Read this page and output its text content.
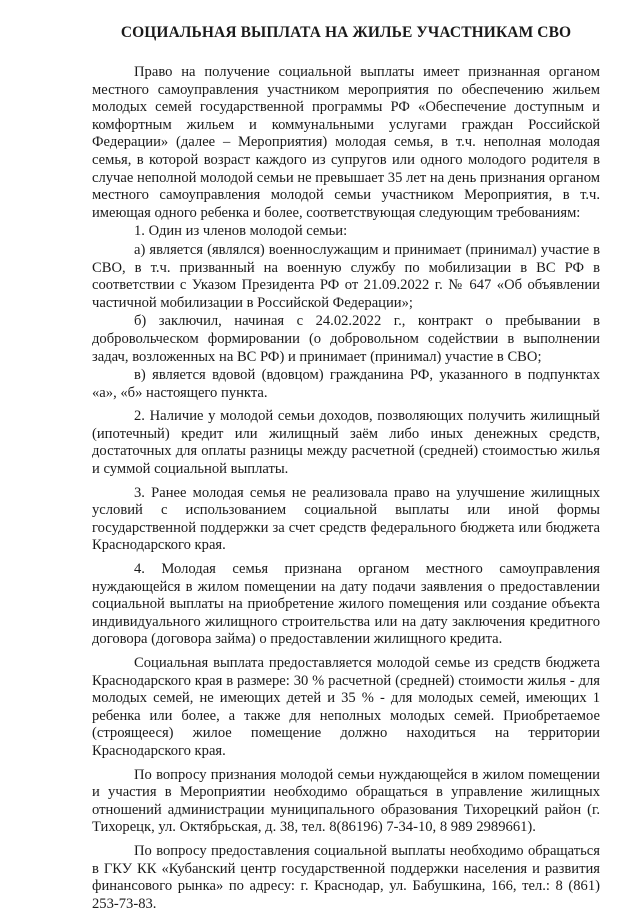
СОЦИАЛЬНАЯ ВЫПЛАТА НА ЖИЛЬЕ УЧАСТНИКАМ СВО

Право на получение социальной выплаты имеет признанная органом местного самоуправления участником мероприятия по обеспечению жильем молодых семей государственной программы РФ «Обеспечение доступным и комфортным жильем и коммунальными услугами граждан Российской Федерации» (далее – Мероприятия) молодая семья, в т.ч. неполная молодая семья, в которой возраст каждого из супругов или одного молодого родителя в случае неполной молодой семьи не превышает 35 лет на день признания органом местного самоуправления молодой семьи участником Мероприятия, в т.ч. имеющая одного ребенка и более, соответствующая следующим требованиям:

1. Один из членов молодой семьи:

а) является (являлся) военнослужащим и принимает (принимал) участие в СВО, в т.ч. призванный на военную службу по мобилизации в ВС РФ в соответствии с Указом Президента РФ от 21.09.2022 г. № 647 «Об объявлении частичной мобилизации в Российской Федерации»;

б) заключил, начиная с 24.02.2022 г., контракт о пребывании в добровольческом формировании (о добровольном содействии в выполнении задач, возложенных на ВС РФ) и принимает (принимал) участие в СВО;

в) является вдовой (вдовцом) гражданина РФ, указанного в подпунктах «а», «б» настоящего пункта.

2. Наличие у молодой семьи доходов, позволяющих получить жилищный (ипотечный) кредит или жилищный заём либо иных денежных средств, достаточных для оплаты разницы между расчетной (средней) стоимостью жилья и суммой социальной выплаты.

3. Ранее молодая семья не реализовала право на улучшение жилищных условий с использованием социальной выплаты или иной формы государственной поддержки за счет средств федерального бюджета или бюджета Краснодарского края.

4. Молодая семья признана органом местного самоуправления нуждающейся в жилом помещении на дату подачи заявления о предоставлении социальной выплаты на приобретение жилого помещения или создание объекта индивидуального жилищного строительства или на дату заключения кредитного договора (договора займа) о предоставлении жилищного кредита.

Социальная выплата предоставляется молодой семье из средств бюджета Краснодарского края в размере: 30 % расчетной (средней) стоимости жилья - для молодых семей, не имеющих детей и 35 % - для молодых семей, имеющих 1 ребенка или более, а также для неполных молодых семей. Приобретаемое (строящееся) жилое помещение должно находиться на территории Краснодарского края.

По вопросу признания молодой семьи нуждающейся в жилом помещении и участия в Мероприятии необходимо обращаться в управление жилищных отношений администрации муниципального образования Тихорецкий район (г. Тихорецк, ул. Октябрьская, д. 38, тел. 8(86196) 7-34-10, 8 989 2989661).

По вопросу предоставления социальной выплаты необходимо обращаться в ГКУ КК «Кубанский центр государственной поддержки населения и развития финансового рынка» по адресу: г. Краснодар, ул. Бабушкина, 166, тел.: 8 (861) 253-73-83.
